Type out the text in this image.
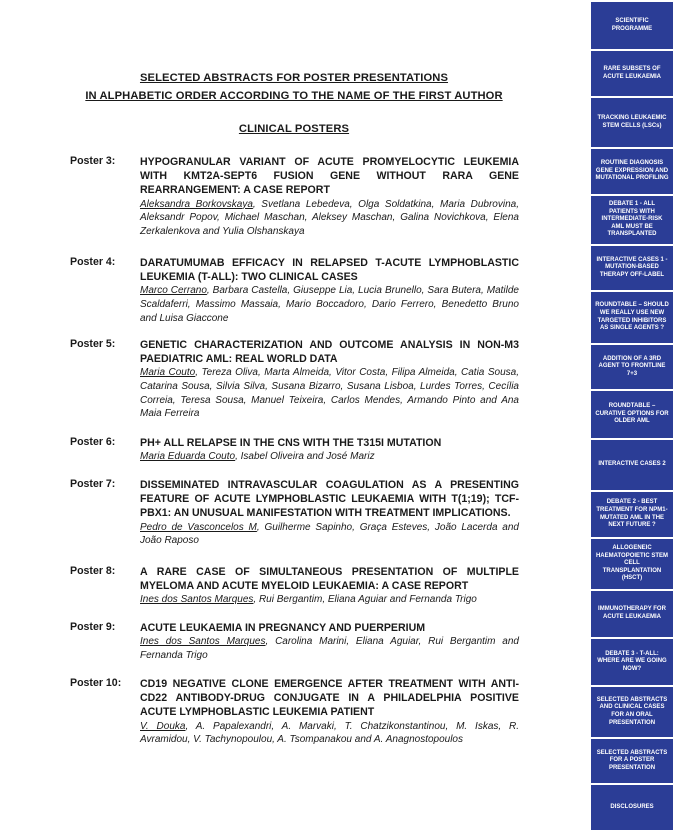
SELECTED ABSTRACTS FOR POSTER PRESENTATIONS
IN ALPHABETIC ORDER ACCORDING TO THE NAME OF THE FIRST AUTHOR
CLINICAL POSTERS
Poster 3:	HYPOGRANULAR VARIANT OF ACUTE PROMYELOCYTIC LEUKEMIA WITH KMT2A-SEPT6 FUSION GENE WITHOUT RARA GENE REARRANGEMENT: A CASE REPORT
Aleksandra Borkovskaya, Svetlana Lebedeva, Olga Soldatkina, Maria Dubrovina, Aleksandr Popov, Michael Maschan, Aleksey Maschan, Galina Novichkova, Elena Zerkalenkova and Yulia Olshanskaya
Poster 4:	DARATUMUMAB EFFICACY IN RELAPSED T-ACUTE LYMPHOBLASTIC LEUKEMIA (T-ALL): TWO CLINICAL CASES
Marco Cerrano, Barbara Castella, Giuseppe Lia, Lucia Brunello, Sara Butera, Matilde Scaldaferri, Massimo Massaia, Mario Boccadoro, Dario Ferrero, Benedetto Bruno and Luisa Giaccone
Poster 5:	GENETIC CHARACTERIZATION AND OUTCOME ANALYSIS IN NON-M3 PAEDIATRIC AML: REAL WORLD DATA
Maria Couto, Tereza Oliva, Marta Almeida, Vitor Costa, Filipa Almeida, Catia Sousa, Catarina Sousa, Silvia Silva, Susana Bizarro, Susana Lisboa, Lurdes Torres, Cecília Correia, Teresa Sousa, Manuel Teixeira, Carlos Mendes, Armando Pinto and Ana Maia Ferreira
Poster 6:	PH+ ALL RELAPSE IN THE CNS WITH THE T315I MUTATION
Maria Eduarda Couto, Isabel Oliveira and José Mariz
Poster 7:	DISSEMINATED INTRAVASCULAR COAGULATION AS A PRESENTING FEATURE OF ACUTE LYMPHOBLASTIC LEUKAEMIA WITH T(1;19); TCF-PBX1: AN UNUSUAL MANIFESTATION WITH TREATMENT IMPLICATIONS.
Pedro de Vasconcelos M, Guilherme Sapinho, Graça Esteves, João Lacerda and João Raposo
Poster 8:	A RARE CASE OF SIMULTANEOUS PRESENTATION OF MULTIPLE MYELOMA AND ACUTE MYELOID LEUKAEMIA: A CASE REPORT
Ines dos Santos Marques, Rui Bergantim, Eliana Aguiar and Fernanda Trigo
Poster 9:	ACUTE LEUKAEMIA IN PREGNANCY AND PUERPERIUM
Ines dos Santos Marques, Carolina Marini, Eliana Aguiar, Rui Bergantim and Fernanda Trigo
Poster 10:	CD19 NEGATIVE CLONE EMERGENCE AFTER TREATMENT WITH ANTI-CD22 ANTIBODY-DRUG CONJUGATE IN A PHILADELPHIA POSITIVE ACUTE LYMPHOBLASTIC LEUKEMIA PATIENT
V. Douka, A. Papalexandri, A. Marvaki, T. Chatzikonstantinou, M. Iskas, R. Avramidou, V. Tachynopoulou, A. Tsompanakou and A. Anagnostopoulos
SCIENTIFIC PROGRAMME
RARE SUBSETS OF ACUTE LEUKAEMIA
TRACKING LEUKAEMIC STEM CELLS (LSCs)
ROUTINE DIAGNOSIS GENE EXPRESSION AND MUTATIONAL PROFILING
DEBATE 1 - ALL PATIENTS WITH INTERMEDIATE-RISK AML MUST BE TRANSPLANTED
INTERACTIVE CASES 1 - MUTATION-BASED THERAPY OFF-LABEL
ROUNDTABLE – SHOULD WE REALLY USE NEW TARGETED INHIBITORS AS SINGLE AGENTS ?
ADDITION OF A 3RD AGENT TO FRONTLINE 7+3
ROUNDTABLE – CURATIVE OPTIONS FOR OLDER AML
INTERACTIVE CASES 2
DEBATE 2 - BEST TREATMENT FOR NPM1-MUTATED AML IN THE NEXT FUTURE ?
ALLOGENEIC HAEMATOPOIETIC STEM CELL TRANSPLANTATION (HSCT)
IMMUNOTHERAPY FOR ACUTE LEUKAEMIA
DEBATE 3 - T-ALL: WHERE ARE WE GOING NOW?
SELECTED ABSTRACTS AND CLINICAL CASES FOR AN ORAL PRESENTATION
SELECTED ABSTRACTS FOR A POSTER PRESENTATION
DISCLOSURES
